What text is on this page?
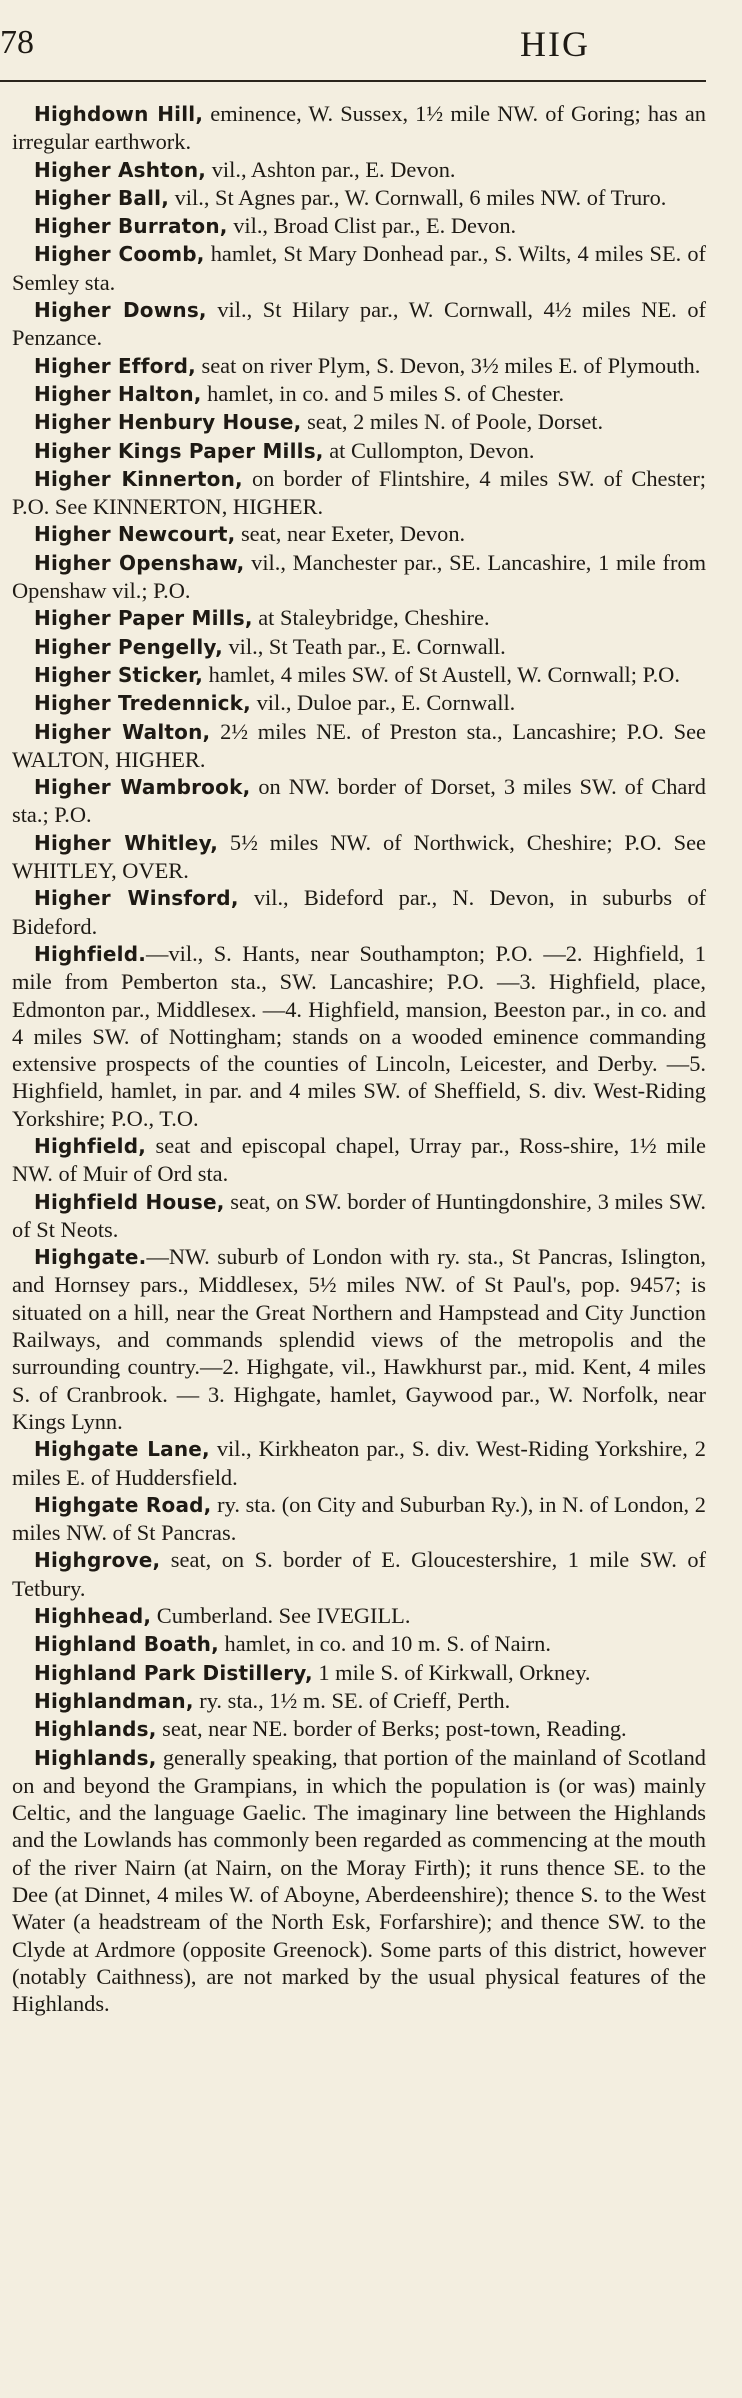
78	HIG

Highdown Hill, eminence, W. Sussex, 1½ mile NW. of Goring; has an irregular earthwork.

Higher Ashton, vil., Ashton par., E. Devon.

Higher Ball, vil., St Agnes par., W. Cornwall, 6 miles NW. of Truro.

Higher Burraton, vil., Broad Clist par., E. Devon.

Higher Coomb, hamlet, St Mary Donhead par., S. Wilts, 4 miles SE. of Semley sta.

Higher Downs, vil., St Hilary par., W. Cornwall, 4½ miles NE. of Penzance.

Higher Efford, seat on river Plym, S. Devon, 3½ miles E. of Plymouth.

Higher Halton, hamlet, in co. and 5 miles S. of Chester.

Higher Henbury House, seat, 2 miles N. of Poole, Dorset.

Higher Kings Paper Mills, at Cullompton, Devon.

Higher Kinnerton, on border of Flintshire, 4 miles SW. of Chester; P.O. See KINNERTON, HIGHER.

Higher Newcourt, seat, near Exeter, Devon.

Higher Openshaw, vil., Manchester par., SE. Lancashire, 1 mile from Openshaw vil.; P.O.

Higher Paper Mills, at Staleybridge, Cheshire.

Higher Pengelly, vil., St Teath par., E. Cornwall.

Higher Sticker, hamlet, 4 miles SW. of St Austell, W. Cornwall; P.O.

Higher Tredennick, vil., Duloe par., E. Cornwall.

Higher Walton, 2½ miles NE. of Preston sta., Lancashire; P.O. See WALTON, HIGHER.

Higher Wambrook, on NW. border of Dorset, 3 miles SW. of Chard sta.; P.O.

Higher Whitley, 5½ miles NW. of Northwick, Cheshire; P.O. See WHITLEY, OVER.

Higher Winsford, vil., Bideford par., N. Devon, in suburbs of Bideford.

Highfield.—vil., S. Hants, near Southampton; P.O. —2. Highfield, 1 mile from Pemberton sta., SW. Lancashire; P.O. —3. Highfield, place, Edmonton par., Middlesex. —4. Highfield, mansion, Beeston par., in co. and 4 miles SW. of Nottingham; stands on a wooded eminence commanding extensive prospects of the counties of Lincoln, Leicester, and Derby. —5. Highfield, hamlet, in par. and 4 miles SW. of Sheffield, S. div. West-Riding Yorkshire; P.O., T.O.

Highfield, seat and episcopal chapel, Urray par., Ross-shire, 1½ mile NW. of Muir of Ord sta.

Highfield House, seat, on SW. border of Huntingdonshire, 3 miles SW. of St Neots.

Highgate.—NW. suburb of London with ry. sta., St Pancras, Islington, and Hornsey pars., Middlesex, 5½ miles NW. of St Paul's, pop. 9457; is situated on a hill, near the Great Northern and Hampstead and City Junction Railways, and commands splendid views of the metropolis and the surrounding country.—2. Highgate, vil., Hawkhurst par., mid. Kent, 4 miles S. of Cranbrook. — 3. Highgate, hamlet, Gaywood par., W. Norfolk, near Kings Lynn.

Highgate Lane, vil., Kirkheaton par., S. div. West-Riding Yorkshire, 2 miles E. of Huddersfield.

Highgate Road, ry. sta. (on City and Suburban Ry.), in N. of London, 2 miles NW. of St Pancras.

Highgrove, seat, on S. border of E. Gloucestershire, 1 mile SW. of Tetbury.

Highhead, Cumberland. See IVEGILL.

Highland Boath, hamlet, in co. and 10 m. S. of Nairn.

Highland Park Distillery, 1 mile S. of Kirkwall, Orkney.

Highlandman, ry. sta., 1½ m. SE. of Crieff, Perth.

Highlands, seat, near NE. border of Berks; post-town, Reading.

Highlands, generally speaking, that portion of the mainland of Scotland on and beyond the Grampians, in which the population is (or was) mainly Celtic, and the language Gaelic. The imaginary line between the Highlands and the Lowlands has commonly been regarded as commencing at the mouth of the river Nairn (at Nairn, on the Moray Firth); it runs thence SE. to the Dee (at Dinnet, 4 miles W. of Aboyne, Aberdeenshire); thence S. to the West Water (a headstream of the North Esk, Forfarshire); and thence SW. to the Clyde at Ardmore (opposite Greenock). Some parts of this district, however (notably Caithness), are not marked by the usual physical features of the Highlands.
